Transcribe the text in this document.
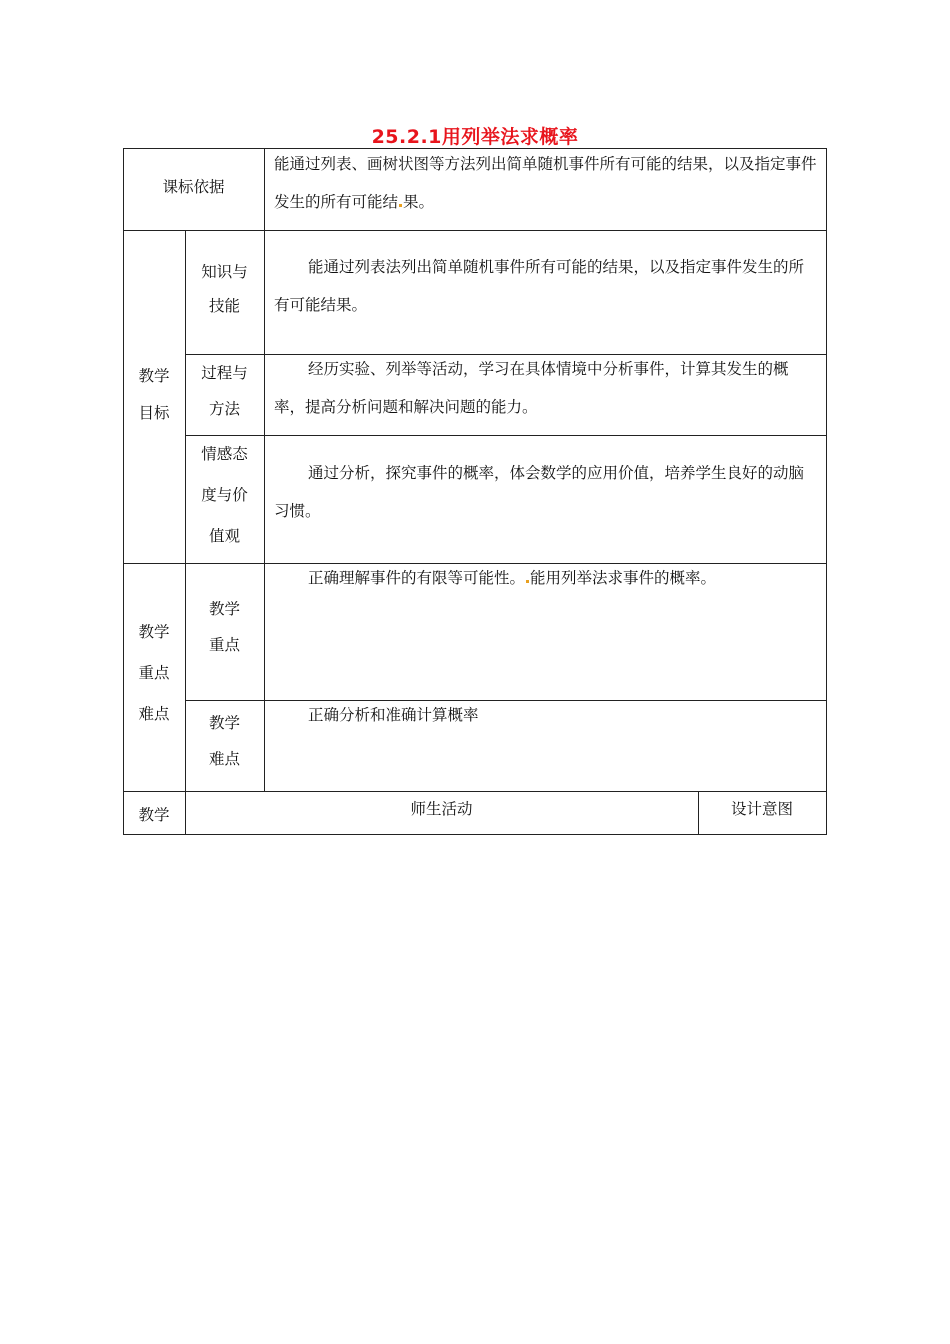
25.2.1用列举法求概率
课标依据
能通过列表、画树状图等方法列出简单随机事件所有可能的结果，以及指定事件发生的所有可能结 果。
教学
目标
知识与
技能
能通过列表法列出简单随机事件所有可能的结果，以及指定事件发生的所有可能结果。
过程与
方法
经历实验、列举等活动，学习在具体情境中分析事件，计算其发生的概率，提高分析问题和解决问题的能力。
情感态
度与价
值观
通过分析，探究事件的概率，体会数学的应用价值，培养学生良好的动脑习惯。
教学
重点
难点
教学
重点
正确理解事件的有限等可能性。 能用列举法求事件的概率。
教学
难点
正确分析和准确计算概率
教学	师生活动	设计意图
